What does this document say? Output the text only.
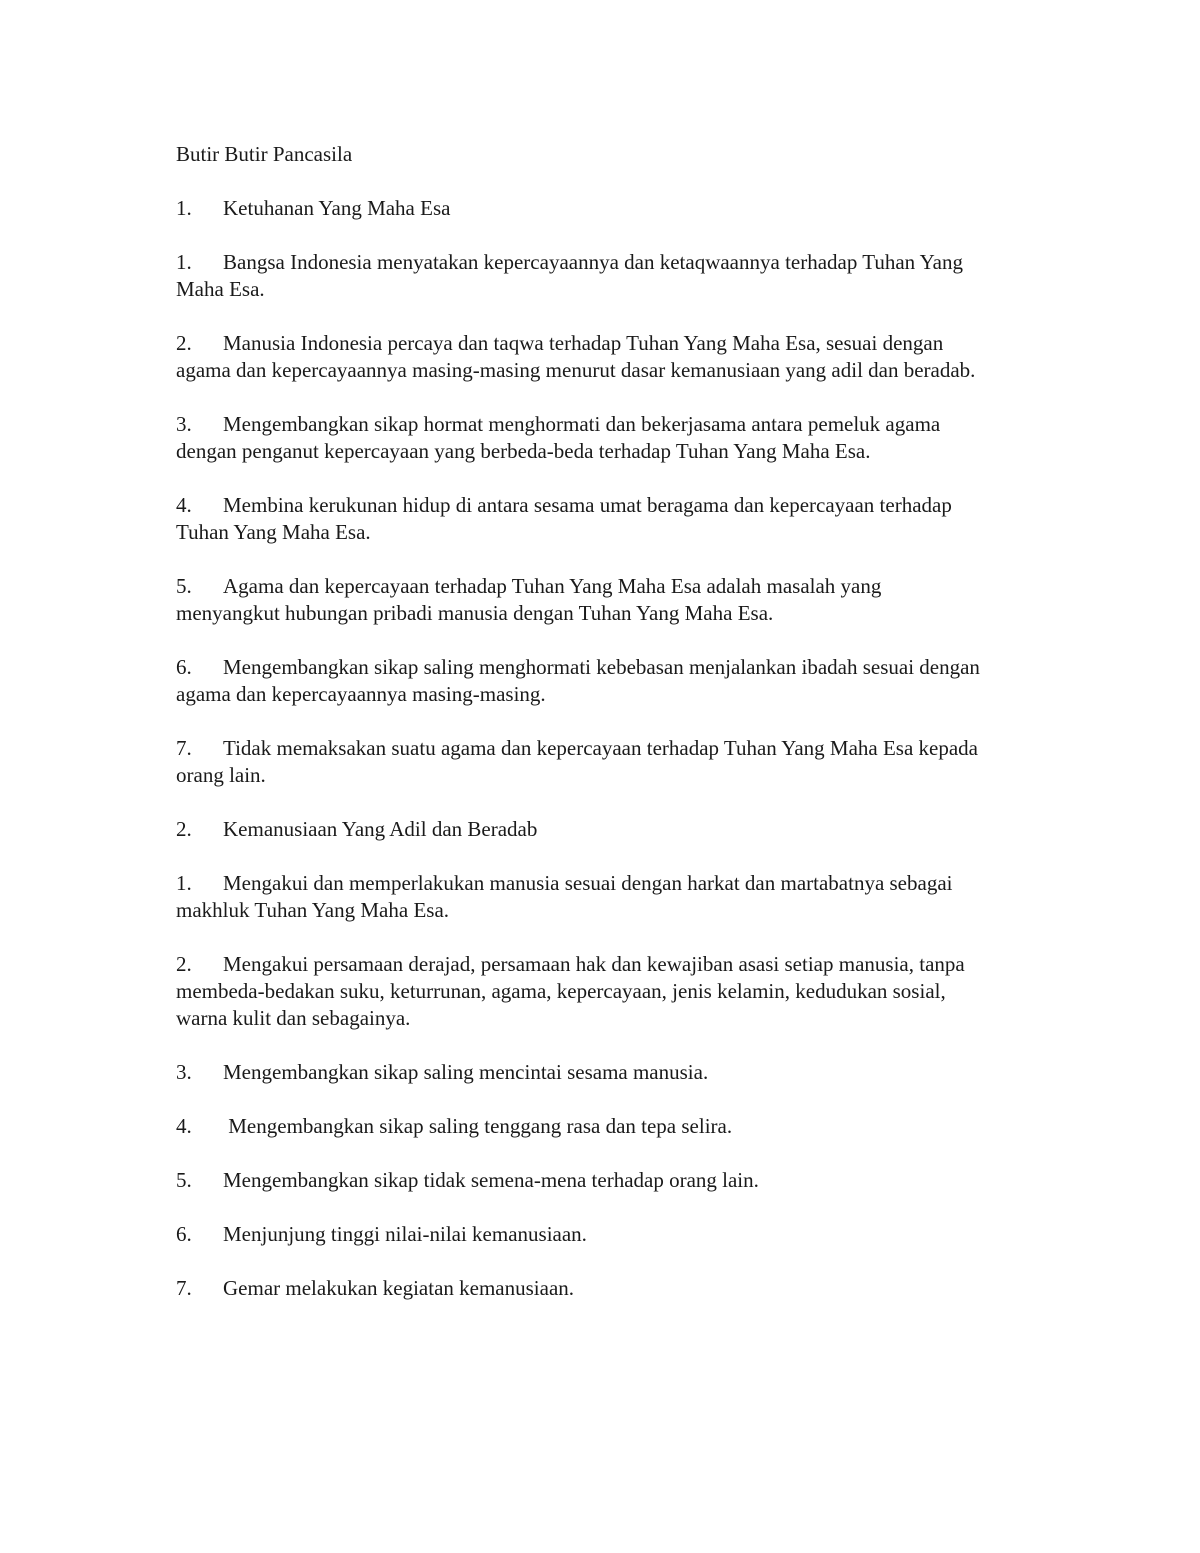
Butir Butir Pancasila

1. Ketuhanan Yang Maha Esa

1. Bangsa Indonesia menyatakan kepercayaannya dan ketaqwaannya terhadap Tuhan Yang Maha Esa.

2. Manusia Indonesia percaya dan taqwa terhadap Tuhan Yang Maha Esa, sesuai dengan agama dan kepercayaannya masing-masing menurut dasar kemanusiaan yang adil dan beradab.

3. Mengembangkan sikap hormat menghormati dan bekerjasama antara pemeluk agama dengan penganut kepercayaan yang berbeda-beda terhadap Tuhan Yang Maha Esa.

4. Membina kerukunan hidup di antara sesama umat beragama dan kepercayaan terhadap Tuhan Yang Maha Esa.

5. Agama dan kepercayaan terhadap Tuhan Yang Maha Esa adalah masalah yang menyangkut hubungan pribadi manusia dengan Tuhan Yang Maha Esa.

6. Mengembangkan sikap saling menghormati kebebasan menjalankan ibadah sesuai dengan agama dan kepercayaannya masing-masing.

7. Tidak memaksakan suatu agama dan kepercayaan terhadap Tuhan Yang Maha Esa kepada orang lain.

2. Kemanusiaan Yang Adil dan Beradab

1. Mengakui dan memperlakukan manusia sesuai dengan harkat dan martabatnya sebagai makhluk Tuhan Yang Maha Esa.

2. Mengakui persamaan derajad, persamaan hak dan kewajiban asasi setiap manusia, tanpa membeda-bedakan suku, keturrunan, agama, kepercayaan, jenis kelamin, kedudukan sosial, warna kulit dan sebagainya.

3. Mengembangkan sikap saling mencintai sesama manusia.

4. Mengembangkan sikap saling tenggang rasa dan tepa selira.

5. Mengembangkan sikap tidak semena-mena terhadap orang lain.

6. Menjunjung tinggi nilai-nilai kemanusiaan.

7. Gemar melakukan kegiatan kemanusiaan.
